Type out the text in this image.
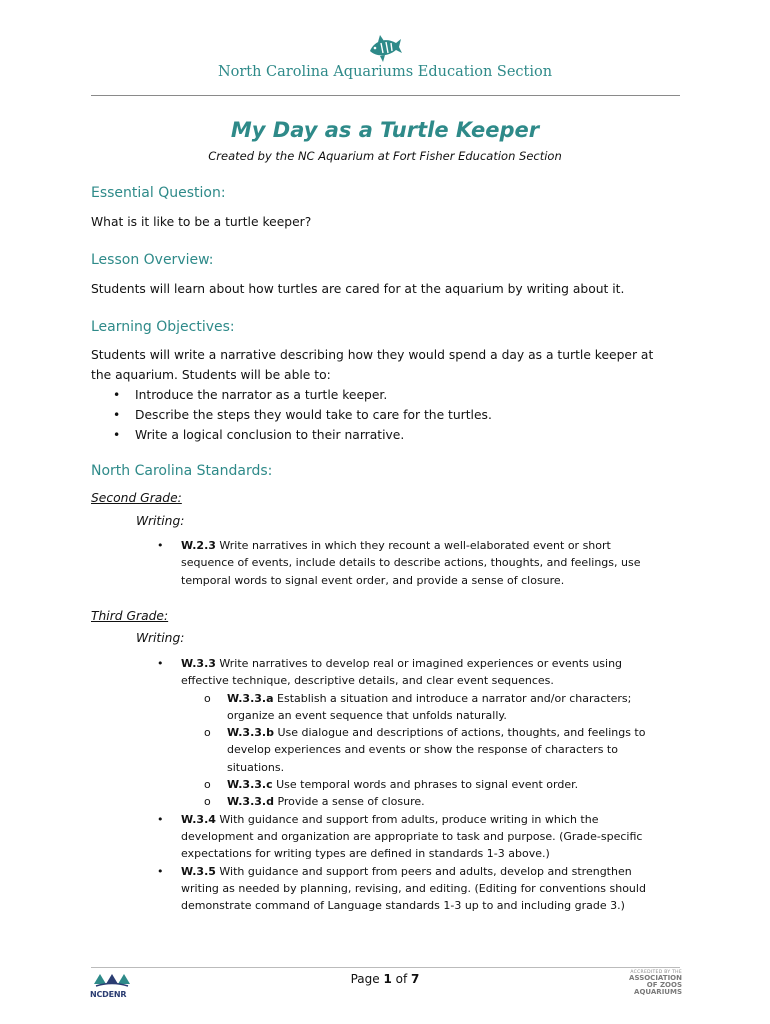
North Carolina Aquariums Education Section
My Day as a Turtle Keeper
Created by the NC Aquarium at Fort Fisher Education Section
Essential Question:
What is it like to be a turtle keeper?
Lesson Overview:
Students will learn about how turtles are cared for at the aquarium by writing about it.
Learning Objectives:
Students will write a narrative describing how they would spend a day as a turtle keeper at the aquarium. Students will be able to:
• Introduce the narrator as a turtle keeper.
• Describe the steps they would take to care for the turtles.
• Write a logical conclusion to their narrative.
North Carolina Standards:
Second Grade:
Writing:
• W.2.3 Write narratives in which they recount a well-elaborated event or short sequence of events, include details to describe actions, thoughts, and feelings, use temporal words to signal event order, and provide a sense of closure.
Third Grade:
Writing:
• W.3.3 Write narratives to develop real or imagined experiences or events using effective technique, descriptive details, and clear event sequences.
o W.3.3.a Establish a situation and introduce a narrator and/or characters; organize an event sequence that unfolds naturally.
o W.3.3.b Use dialogue and descriptions of actions, thoughts, and feelings to develop experiences and events or show the response of characters to situations.
o W.3.3.c Use temporal words and phrases to signal event order.
o W.3.3.d Provide a sense of closure.
• W.3.4 With guidance and support from adults, produce writing in which the development and organization are appropriate to task and purpose. (Grade-specific expectations for writing types are defined in standards 1-3 above.)
• W.3.5 With guidance and support from peers and adults, develop and strengthen writing as needed by planning, revising, and editing. (Editing for conventions should demonstrate command of Language standards 1-3 up to and including grade 3.)
NCDENR
Page 1 of 7	ACCREDITED BY THE
ASSOCIATION
OF ZOOS
AQUARIUMS
